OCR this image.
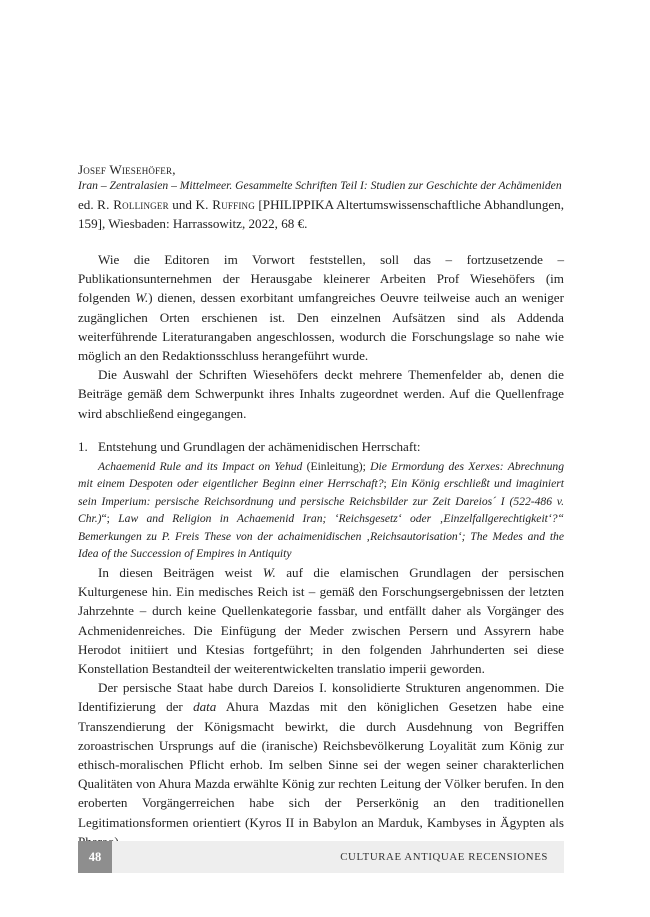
Josef Wiesehöfer,
Iran – Zentralasien – Mittelmeer. Gesammelte Schriften Teil I: Studien zur Geschichte der Achämeniden

ed. R. Rollinger und K. Ruffing [PHILIPPIKA Altertumswissenschaftliche Abhandlungen, 159], Wiesbaden: Harrassowitz, 2022, 68 €.

Wie die Editoren im Vorwort feststellen, soll das – fortzusetzende – Publikationsunternehmen der Herausgabe kleinerer Arbeiten Prof Wiesehöfers (im folgenden W.) dienen, dessen exorbitant umfangreiches Oeuvre teilweise auch an weniger zugänglichen Orten erschienen ist. Den einzelnen Aufsätzen sind als Addenda weiterführende Literaturangaben angeschlossen, wodurch die Forschungslage so nahe wie möglich an den Redaktionsschluss herangeführt wurde.

Die Auswahl der Schriften Wiesehöfers deckt mehrere Themenfelder ab, denen die Beiträge gemäß dem Schwerpunkt ihres Inhalts zugeordnet werden. Auf die Quellenfrage wird abschließend eingegangen.

1. Entstehung und Grundlagen der achämenidischen Herrschaft:

Achaemenid Rule and its Impact on Yehud (Einleitung); Die Ermordung des Xerxes: Abrechnung mit einem Despoten oder eigentlicher Beginn einer Herrschaft?; Ein König erschließt und imaginiert sein Imperium: persische Reichsordnung und persische Reichsbilder zur Zeit Dareios´ I (522-486 v. Chr.)“; Law and Religion in Achaemenid Iran; ‘Reichsgesetz‘ oder ‚Einzelfallgerechtigkeit‘?“ Bemerkungen zu P. Freis These von der achaimenidischen ‚Reichsautorisation‘; The Medes and the Idea of the Succession of Empires in Antiquity

In diesen Beiträgen weist W. auf die elamischen Grundlagen der persischen Kulturgenese hin. Ein medisches Reich ist – gemäß den Forschungsergebnissen der letzten Jahrzehnte – durch keine Quellenkategorie fassbar, und entfällt daher als Vorgänger des Achmenidenreiches. Die Einfügung der Meder zwischen Persern und Assyrern habe Herodot initiiert und Ktesias fortgeführt; in den folgenden Jahrhunderten sei diese Konstellation Bestandteil der weiterentwickelten translatio imperii geworden.

Der persische Staat habe durch Dareios I. konsolidierte Strukturen angenommen. Die Identifizierung der data Ahura Mazdas mit den königlichen Gesetzen habe eine Transzendierung der Königsmacht bewirkt, die durch Ausdehnung von Begriffen zoroastrischen Ursprungs auf die (iranische) Reichsbevölkerung Loyalität zum König zur ethisch-moralischen Pflicht erhob. Im selben Sinne sei der wegen seiner charakterlichen Qualitäten von Ahura Mazda erwählte König zur rechten Leitung der Völker berufen. In den eroberten Vorgängerreichen habe sich der Perserkönig an den traditionellen Legitimationsformen orientiert (Kyros II in Babylon an Marduk, Kambyses in Ägypten als

48	CULTURAE ANTIQUAE RECENSIONES
